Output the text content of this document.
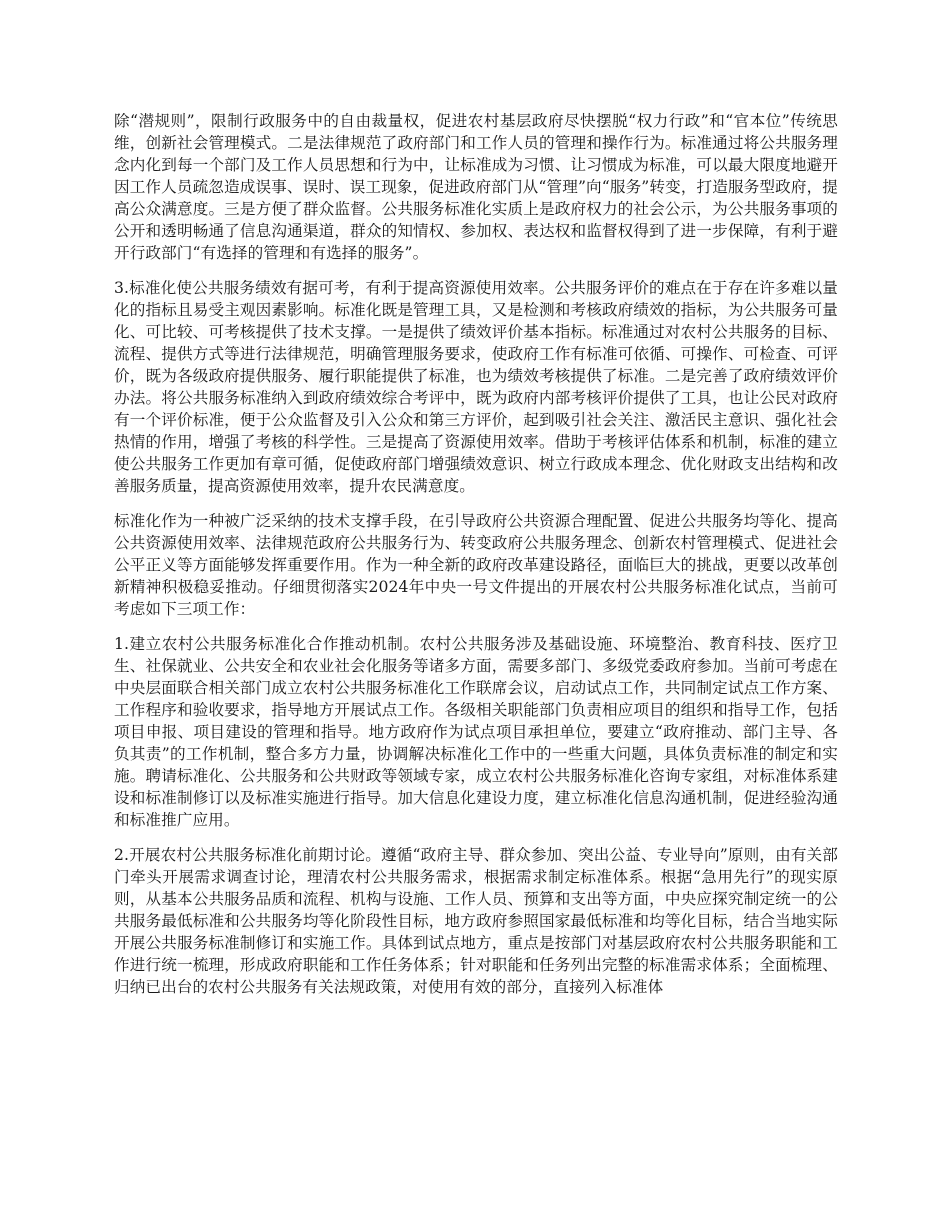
除“潜规则”，限制行政服务中的自由裁量权，促进农村基层政府尽快摆脱“权力行政”和“官本位”传统思维，创新社会管理模式。二是法律规范了政府部门和工作人员的管理和操作行为。标准通过将公共服务理念内化到每一个部门及工作人员思想和行为中，让标准成为习惯、让习惯成为标准，可以最大限度地避开因工作人员疏忽造成误事、误时、误工现象，促进政府部门从“管理”向“服务”转变，打造服务型政府，提高公众满意度。三是方便了群众监督。公共服务标准化实质上是政府权力的社会公示，为公共服务事项的公开和透明畅通了信息沟通渠道，群众的知情权、参加权、表达权和监督权得到了进一步保障，有利于避开行政部门“有选择的管理和有选择的服务”。

3.标准化使公共服务绩效有据可考，有利于提高资源使用效率。公共服务评价的难点在于存在许多难以量化的指标且易受主观因素影响。标准化既是管理工具，又是检测和考核政府绩效的指标，为公共服务可量化、可比较、可考核提供了技术支撑。一是提供了绩效评价基本指标。标准通过对农村公共服务的目标、流程、提供方式等进行法律规范，明确管理服务要求，使政府工作有标准可依循、可操作、可检查、可评价，既为各级政府提供服务、履行职能提供了标准，也为绩效考核提供了标准。二是完善了政府绩效评价办法。将公共服务标准纳入到政府绩效综合考评中，既为政府内部考核评价提供了工具，也让公民对政府有一个评价标准，便于公众监督及引入公众和第三方评价，起到吸引社会关注、激活民主意识、强化社会热情的作用，增强了考核的科学性。三是提高了资源使用效率。借助于考核评估体系和机制，标准的建立使公共服务工作更加有章可循，促使政府部门增强绩效意识、树立行政成本理念、优化财政支出结构和改善服务质量，提高资源使用效率，提升农民满意度。

标准化作为一种被广泛采纳的技术支撑手段，在引导政府公共资源合理配置、促进公共服务均等化、提高公共资源使用效率、法律规范政府公共服务行为、转变政府公共服务理念、创新农村管理模式、促进社会公平正义等方面能够发挥重要作用。作为一种全新的政府改革建设路径，面临巨大的挑战，更要以改革创新精神积极稳妥推动。仔细贯彻落实2024年中央一号文件提出的开展农村公共服务标准化试点，当前可考虑如下三项工作：

1.建立农村公共服务标准化合作推动机制。农村公共服务涉及基础设施、环境整治、教育科技、医疗卫生、社保就业、公共安全和农业社会化服务等诸多方面，需要多部门、多级党委政府参加。当前可考虑在中央层面联合相关部门成立农村公共服务标准化工作联席会议，启动试点工作，共同制定试点工作方案、工作程序和验收要求，指导地方开展试点工作。各级相关职能部门负责相应项目的组织和指导工作，包括项目申报、项目建设的管理和指导。地方政府作为试点项目承担单位，要建立“政府推动、部门主导、各负其责”的工作机制，整合多方力量，协调解决标准化工作中的一些重大问题，具体负责标准的制定和实施。聘请标准化、公共服务和公共财政等领域专家，成立农村公共服务标准化咨询专家组，对标准体系建设和标准制修订以及标准实施进行指导。加大信息化建设力度，建立标准化信息沟通机制，促进经验沟通和标准推广应用。

2.开展农村公共服务标准化前期讨论。遵循“政府主导、群众参加、突出公益、专业导向”原则，由有关部门牵头开展需求调查讨论，理清农村公共服务需求，根据需求制定标准体系。根据“急用先行”的现实原则，从基本公共服务品质和流程、机构与设施、工作人员、预算和支出等方面，中央应探究制定统一的公共服务最低标准和公共服务均等化阶段性目标，地方政府参照国家最低标准和均等化目标，结合当地实际开展公共服务标准制修订和实施工作。具体到试点地方，重点是按部门对基层政府农村公共服务职能和工作进行统一梳理，形成政府职能和工作任务体系；针对职能和任务列出完整的标准需求体系；全面梳理、归纳已出台的农村公共服务有关法规政策，对使用有效的部分，直接列入标准体
